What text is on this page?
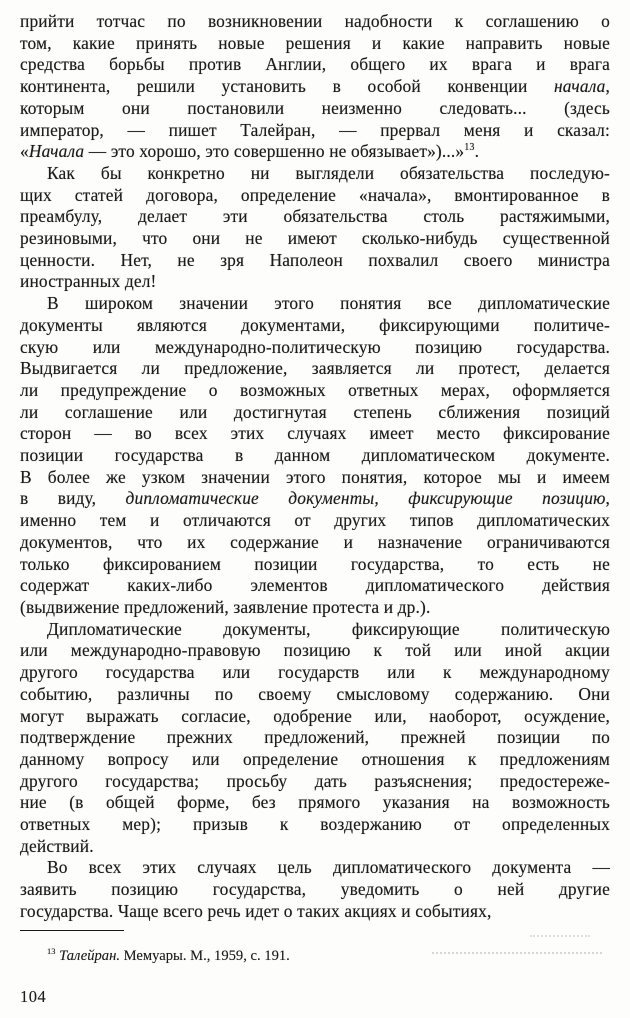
прийти тотчас по возникновении надобности к соглашению о
том, какие принять новые решения и какие направить новые
средства борьбы против Англии, общего их врага и врага
континента, решили установить в особой конвенции начала,
которым они постановили неизменно следовать... (здесь
император, — пишет Талейран, — прервал меня и сказал:
«Начала — это хорошо, это совершенно не обязывает»)...»$^{13}$.
Как бы конкретно ни выглядели обязательства последую-
щих статей договора, определение «начала», вмонтированное в
преамбулу, делает эти обязательства столь растяжимыми,
резиновыми, что они не имеют сколько-нибудь существенной
ценности. Нет, не зря Наполеон похвалил своего министра
иностранных дел!
В широком значении этого понятия все дипломатические
документы являются документами, фиксирующими политиче-
скую или международно-политическую позицию государства.
Выдвигается ли предложение, заявляется ли протест, делается
ли предупреждение о возможных ответных мерах, оформляется
ли соглашение или достигнутая степень сближения позиций
сторон — во всех этих случаях имеет место фиксирование
позиции государства в данном дипломатическом документе.
В более же узком значении этого понятия, которое мы и имеем
в виду, дипломатические документы, фиксирующие позицию,
именно тем и отличаются от других типов дипломатических
документов, что их содержание и назначение ограничиваются
только фиксированием позиции государства, то есть не
содержат каких-либо элементов дипломатического действия
(выдвижение предложений, заявление протеста и др.).
Дипломатические документы, фиксирующие политическую
или международно-правовую позицию к той или иной акции
другого государства или государств или к международному
событию, различны по своему смысловому содержанию. Они
могут выражать согласие, одобрение или, наоборот, осуждение,
подтверждение прежних предложений, прежней позиции по
данному вопросу или определение отношения к предложениям
другого государства; просьбу дать разъяснения; предостереже-
ние (в общей форме, без прямого указания на возможность
ответных мер); призыв к воздержанию от определенных
действий.
Во всех этих случаях цель дипломатического документа —
заявить позицию государства, уведомить о ней другие
государства. Чаще всего речь идет о таких акциях и событиях,
$^{13}$ Талейран. Мемуары. М., 1959, с. 191.
104
